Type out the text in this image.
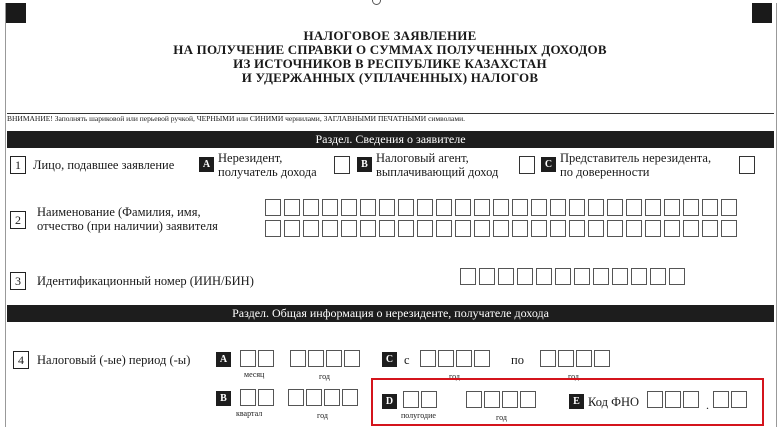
НАЛОГОВОЕ ЗАЯВЛЕНИЕ
НА ПОЛУЧЕНИЕ СПРАВКИ О СУММАХ ПОЛУЧЕННЫХ ДОХОДОВ
ИЗ ИСТОЧНИКОВ В РЕСПУБЛИКЕ КАЗАХСТАН
И УДЕРЖАННЫХ (УПЛАЧЕННЫХ) НАЛОГОВ
ВНИМАНИЕ! Заполнять шариковой или перьевой ручкой, ЧЕРНЫМИ или СИНИМИ чернилами, ЗАГЛАВНЫМИ ПЕЧАТНЫМИ символами.
Раздел. Сведения о заявителе
1 Лицо, подавшее заявление	A Нерезидент,
получатель дохода
B Налоговый агент,
выплачивающий доход
C Представитель нерезидента,
по доверенности
2
Наименование (Фамилия, имя,
отчество (при наличии) заявителя
3	Идентификационный номер (ИИН/БИН)
Раздел. Общая информация о нерезиденте, получателе дохода
4	Налоговый (-ые) период (-ы)	A
месяц	год
C с
год
по
год
B
квартал	год
D
полугодие	год
E Код ФНО	.
